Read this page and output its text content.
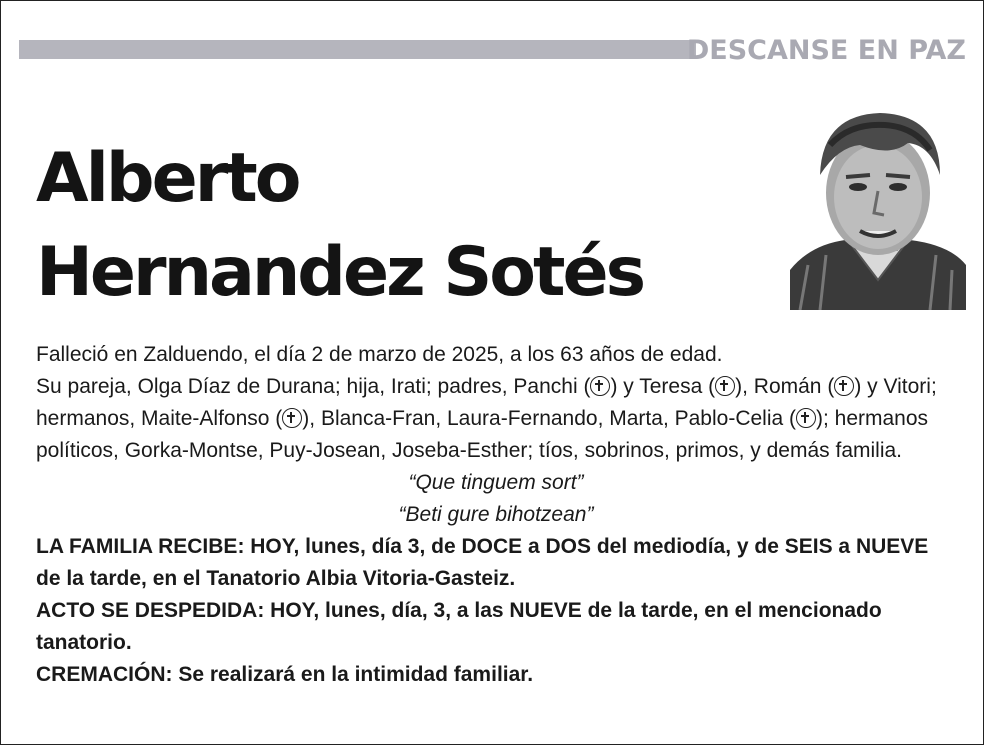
DESCANSE EN PAZ
Alberto
Hernandez Sotés

Falleció en Zalduendo, el día 2 de marzo de 2025, a los 63 años de edad.

Su pareja, Olga Díaz de Durana; hija, Irati; padres, Panchi ( ) y Teresa ( ), Román ( ) y Vitori; hermanos, Maite-Alfonso ( ), Blanca-Fran, Laura-Fernando, Marta, Pablo-Celia ( ); hermanos políticos, Gorka-Montse, Puy-Josean, Joseba-Esther; tíos, sobrinos, primos, y demás familia.

“Que tinguem sort”

“Beti gure bihotzean”

LA FAMILIA RECIBE: HOY, lunes, día 3, de DOCE a DOS del mediodía, y de SEIS a NUEVE de la tarde, en el Tanatorio Albia Vitoria-Gasteiz.

ACTO SE DESPEDIDA: HOY, lunes, día, 3, a las NUEVE de la tarde, en el mencionado tanatorio.

CREMACIÓN: Se realizará en la intimidad familiar.
